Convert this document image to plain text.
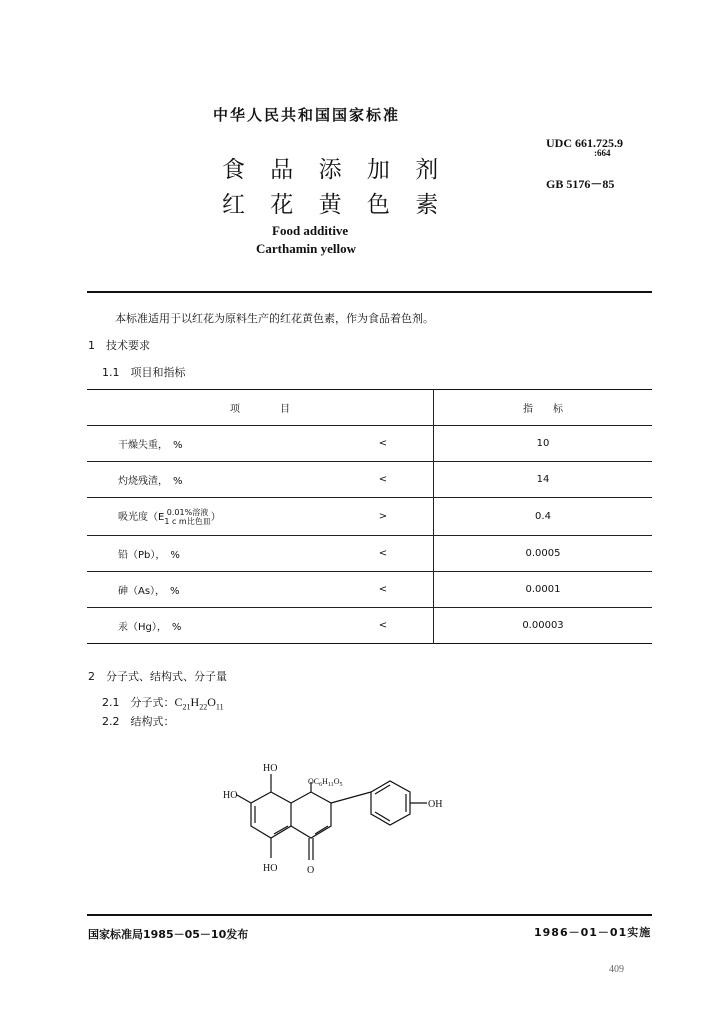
中华人民共和国国家标准
食 品 添 加 剂
红 花 黄 色 素
Food additive
Carthamin yellow
UDC 661.725.9
:664
GB 5176－85
本标准适用于以红花为原料生产的红花黄色素，作为食品着色剂。
1　技术要求
1.1　项目和指标
项　　　　目		指　　标
干燥失重，　%	<	10
灼烧残渣，　%	<	14
吸光度（E 0.01%溶液
1 c m比色皿）	>	0.4
铅（Pb），　%	<	0.0005
砷（As），　%	<	0.0001
汞（Hg），　%	<	0.00003
2　分子式、结构式、分子量
2.1　分子式：$C_{21}H_{22}O_{11}$
2.2　结构式：
HO
HO
HO	O
$OC_6H_{11}O_5$
OH
国家标准局1985－05－10发布	1986－01－01实施
409
